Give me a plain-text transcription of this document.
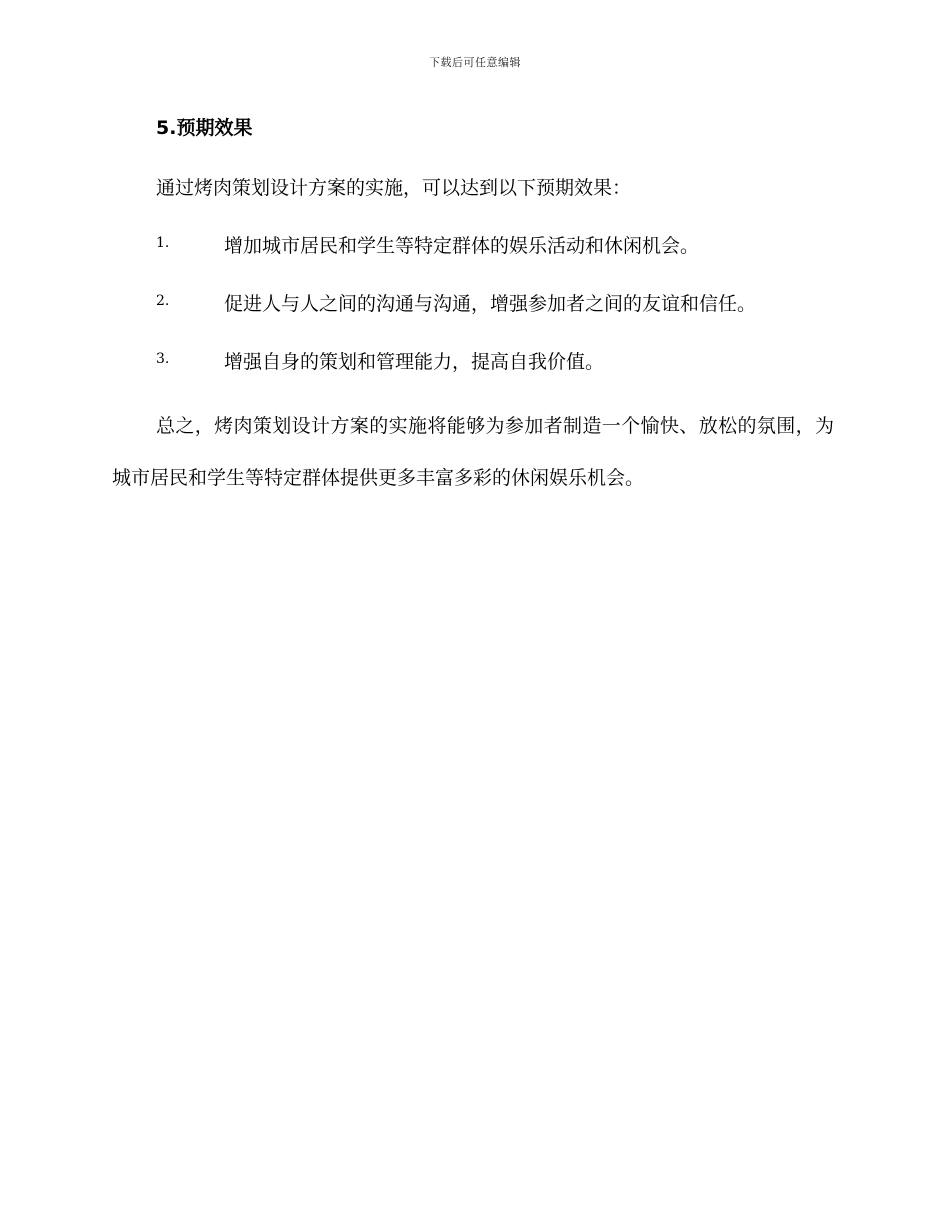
下载后可任意编辑
5.预期效果
通过烤肉策划设计方案的实施，可以达到以下预期效果：
1.	增加城市居民和学生等特定群体的娱乐活动和休闲机会。
2.	促进人与人之间的沟通与沟通，增强参加者之间的友谊和信任。
3.	增强自身的策划和管理能力，提高自我价值。

总之，烤肉策划设计方案的实施将能够为参加者制造一个愉快、放松的氛围，为城市居民和学生等特定群体提供更多丰富多彩的休闲娱乐机会。
